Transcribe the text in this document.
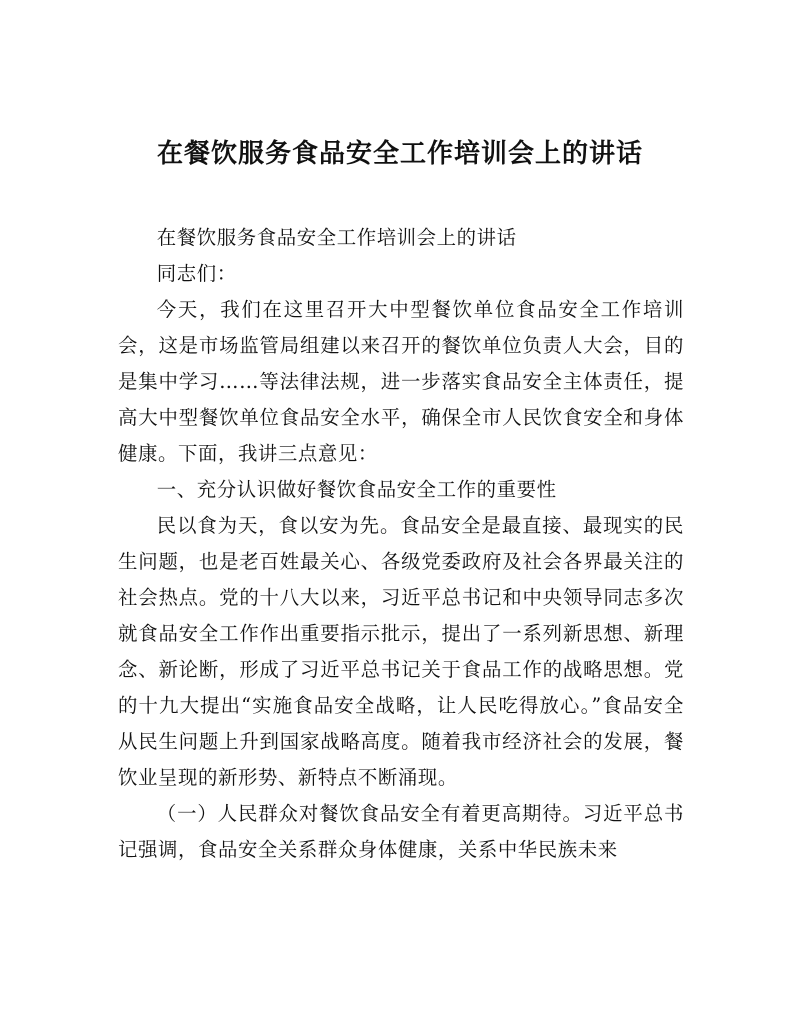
在餐饮服务食品安全工作培训会上的讲话

在餐饮服务食品安全工作培训会上的讲话

同志们：

今天，我们在这里召开大中型餐饮单位食品安全工作培训会，这是市场监管局组建以来召开的餐饮单位负责人大会，目的是集中学习……等法律法规，进一步落实食品安全主体责任，提高大中型餐饮单位食品安全水平，确保全市人民饮食安全和身体健康。下面，我讲三点意见：

一、充分认识做好餐饮食品安全工作的重要性

民以食为天，食以安为先。食品安全是最直接、最现实的民生问题，也是老百姓最关心、各级党委政府及社会各界最关注的社会热点。党的十八大以来，习近平总书记和中央领导同志多次就食品安全工作作出重要指示批示，提出了一系列新思想、新理念、新论断，形成了习近平总书记关于食品工作的战略思想。党的十九大提出“实施食品安全战略，让人民吃得放心。”食品安全从民生问题上升到国家战略高度。随着我市经济社会的发展，餐饮业呈现的新形势、新特点不断涌现。

（一）人民群众对餐饮食品安全有着更高期待。习近平总书记强调，食品安全关系群众身体健康，关系中华民族未来
